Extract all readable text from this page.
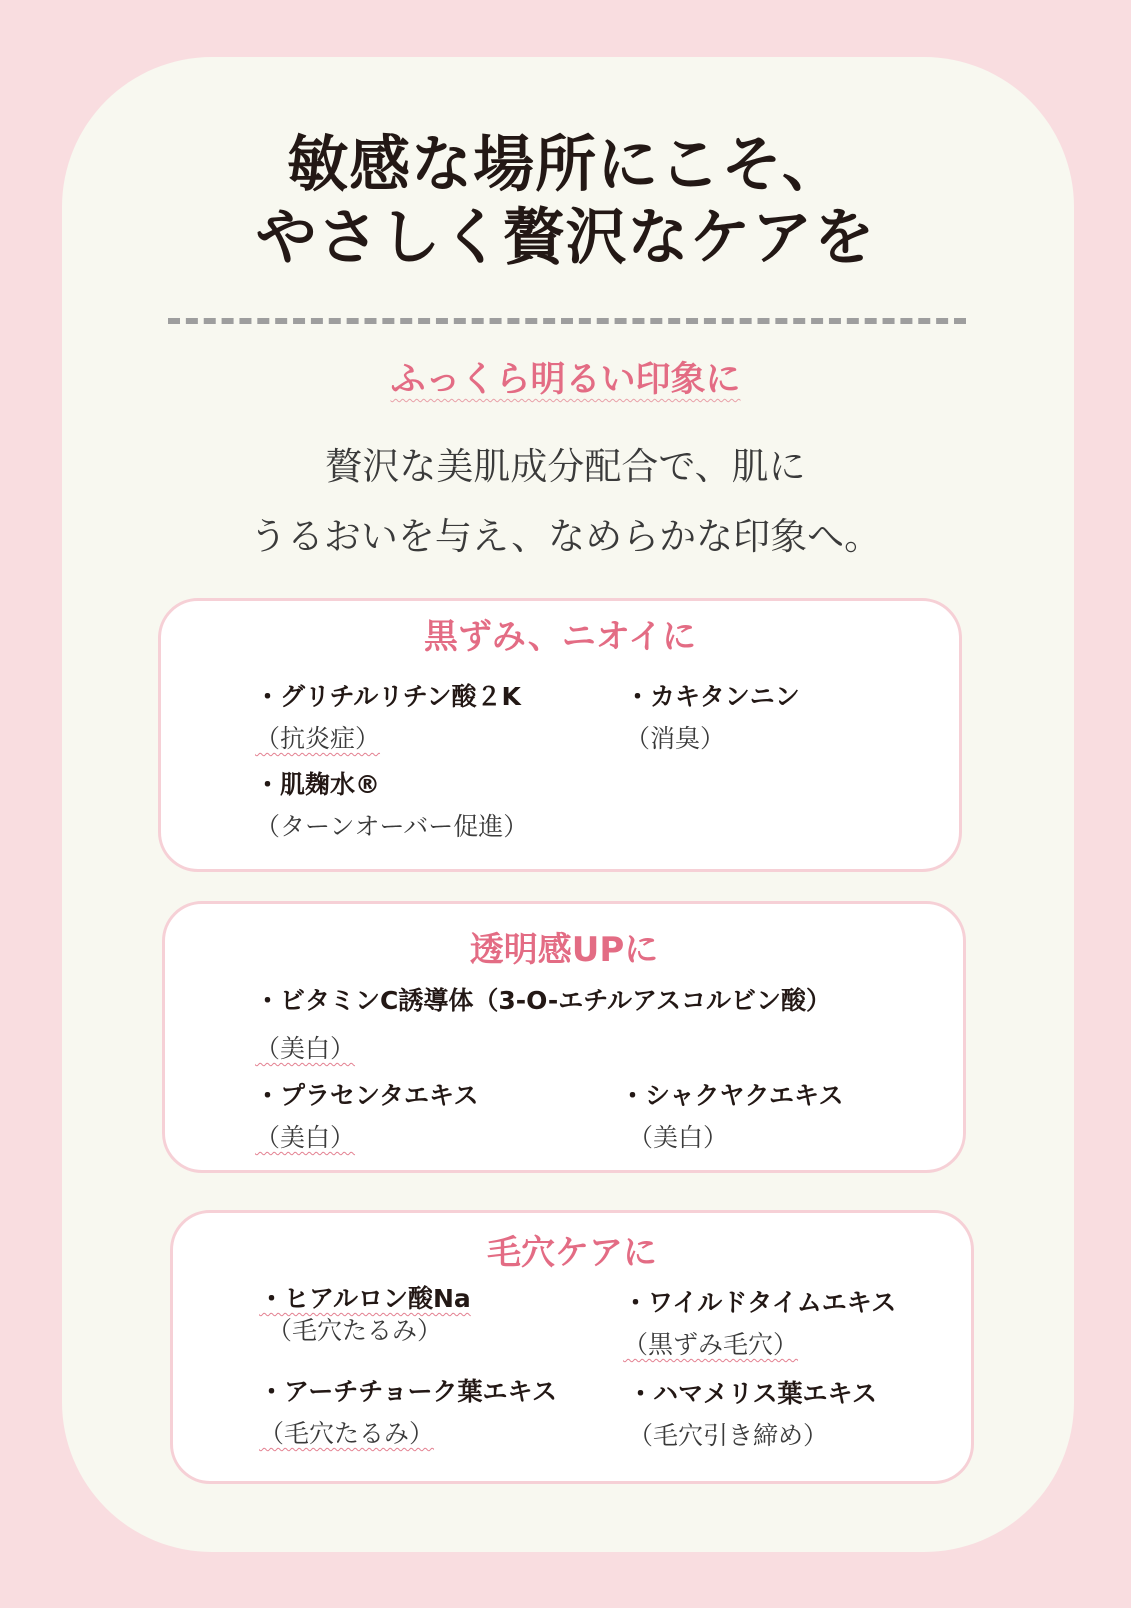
敏感な場所にこそ、
やさしく贅沢なケアを
ふっくら明るい印象に
贅沢な美肌成分配合で、肌に
うるおいを与え、なめらかな印象へ。
黒ずみ、ニオイに
・グリチルリチン酸２K
（抗炎症）
・カキタンニン
（消臭）
・肌麹水®
（ターンオーバー促進）
透明感UPに
・ビタミンC誘導体（3-O-エチルアスコルビン酸）
（美白）
・プラセンタエキス
（美白）
・シャクヤクエキス
（美白）
毛穴ケアに
・ヒアルロン酸Na
（毛穴たるみ）
・ワイルドタイムエキス
（黒ずみ毛穴）
・アーチチョーク葉エキス
（毛穴たるみ）
・ハマメリス葉エキス
（毛穴引き締め）
